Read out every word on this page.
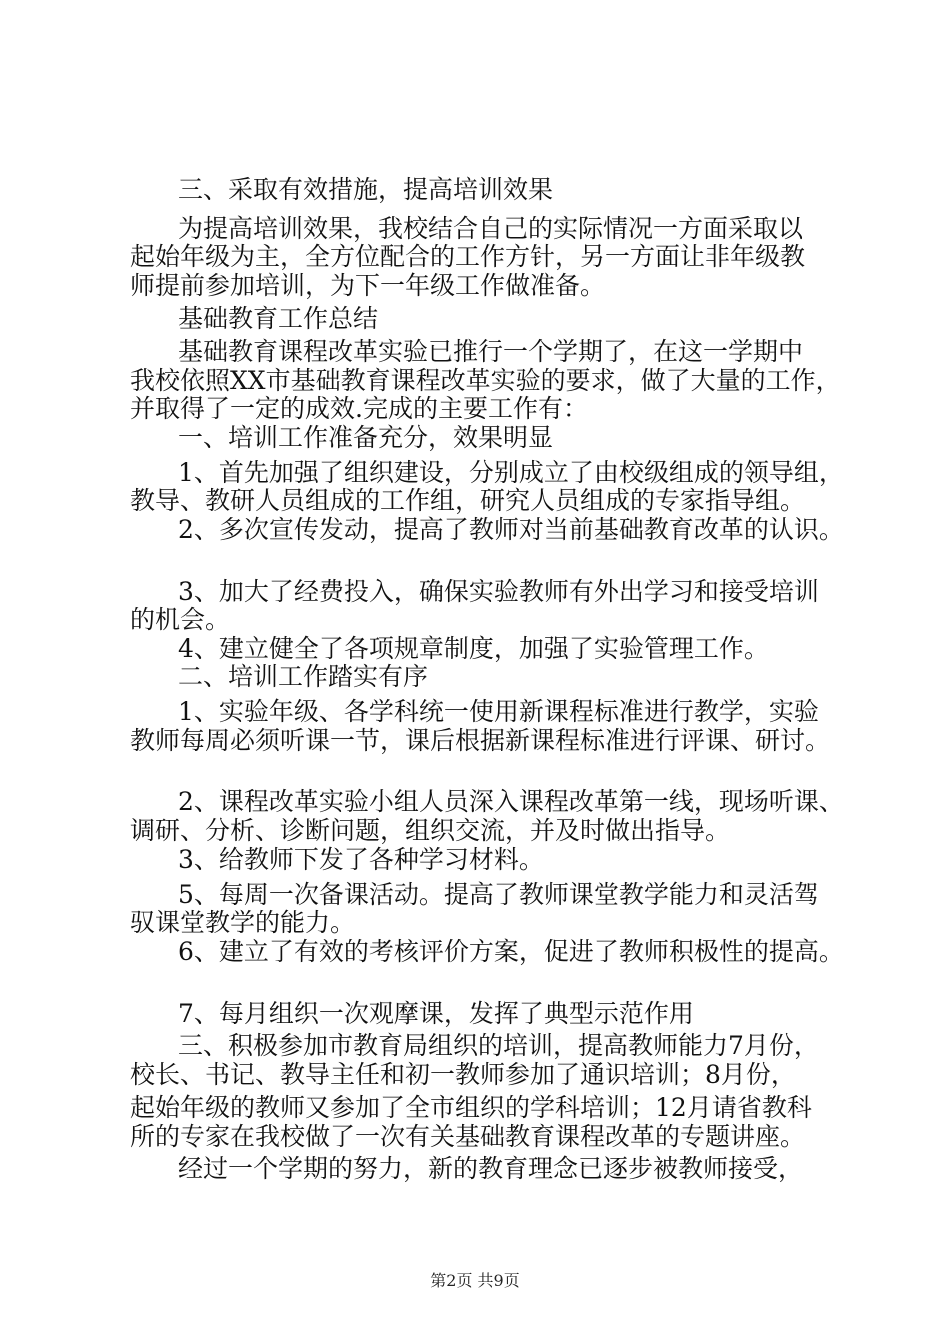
三、采取有效措施，提高培训效果
为提高培训效果，我校结合自己的实际情况一方面采取以
起始年级为主，全方位配合的工作方针，另一方面让非年级教
师提前参加培训，为下一年级工作做准备。
基础教育工作总结
基础教育课程改革实验已推行一个学期了，在这一学期中
我校依照XX市基础教育课程改革实验的要求，做了大量的工作，
并取得了一定的成效.完成的主要工作有：
一、培训工作准备充分，效果明显
1、首先加强了组织建设，分别成立了由校级组成的领导组，
教导、教研人员组成的工作组，研究人员组成的专家指导组。
2、多次宣传发动，提高了教师对当前基础教育改革的认识。
3、加大了经费投入，确保实验教师有外出学习和接受培训
的机会。
4、建立健全了各项规章制度，加强了实验管理工作。
二、培训工作踏实有序
1、实验年级、各学科统一使用新课程标准进行教学，实验
教师每周必须听课一节，课后根据新课程标准进行评课、研讨。
2、课程改革实验小组人员深入课程改革第一线，现场听课、
调研、分析、诊断问题，组织交流，并及时做出指导。
3、给教师下发了各种学习材料。
5、每周一次备课活动。提高了教师课堂教学能力和灵活驾
驭课堂教学的能力。
6、建立了有效的考核评价方案，促进了教师积极性的提高。
7、每月组织一次观摩课，发挥了典型示范作用
三、积极参加市教育局组织的培训，提高教师能力7月份，
校长、书记、教导主任和初一教师参加了通识培训；8月份，
起始年级的教师又参加了全市组织的学科培训；12月请省教科
所的专家在我校做了一次有关基础教育课程改革的专题讲座。
经过一个学期的努力，新的教育理念已逐步被教师接受，
第2页 共9页
